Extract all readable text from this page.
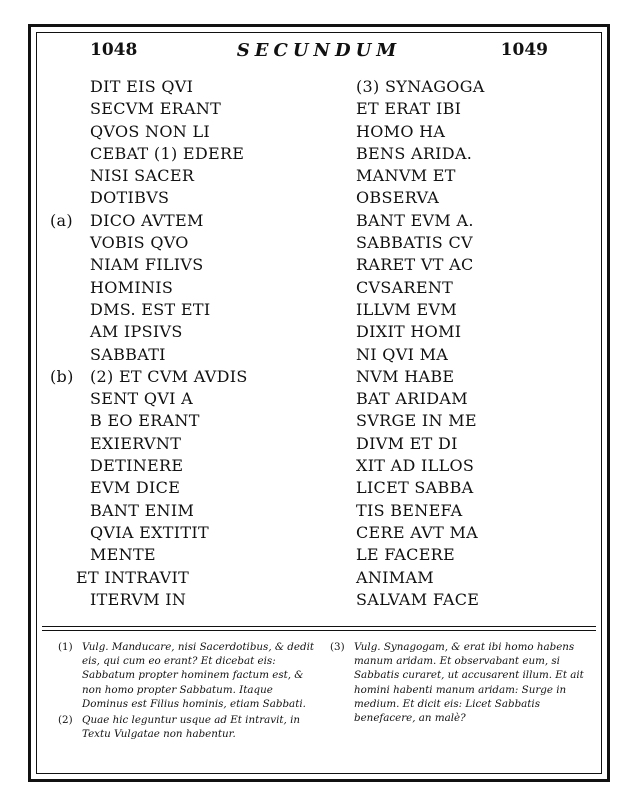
1048	SECUNDUM	1049
DIT EIS QVI
SECVM ERANT
QVOS NON LI
CEBAT (1) EDERE
NISI SACER
DOTIBVS
(a) DICO AVTEM
VOBIS QVO
NIAM FILIVS
HOMINIS
DMS. EST ETI
AM IPSIVS
SABBATI
(b) (2) ET CVM AVDIS
SENT QVI A
B EO ERANT
EXIERVNT
DETINERE
EVM DICE
BANT ENIM
QVIA EXTITIT
MENTE
ET INTRAVIT
ITERVM IN
(3) SYNAGOGA
ET ERAT IBI
HOMO HA
BENS ARIDA.
MANVM ET
OBSERVA
BANT EVM A.
SABBATIS CV
RARET VT AC
CVSARENT
ILLVM EVM
DIXIT HOMI
NI QVI MA
NVM HABE
BAT ARIDAM
SVRGE IN ME
DIVM ET DI
XIT AD ILLOS
LICET SABBA
TIS BENEFA
CERE AVT MA
LE FACERE
ANIMAM
SALVAM FACE
(1) Vulg. Manducare, nisi Sacerdotibus, & dedit eis, qui cum eo erant? Et dicebat eis: Sabbatum propter hominem factum est, & non homo propter Sabbatum. Itaque Dominus est Filius hominis, etiam Sabbati.
(2) Quae hic leguntur usque ad Et intravit, in Textu Vulgatae non habentur.
(3) Vulg. Synagogam, & erat ibi homo habens manum aridam. Et observabant eum, si Sabbatis curaret, ut accusarent illum. Et ait homini habenti manum aridam: Surge in medium. Et dicit eis: Licet Sabbatis benefacere, an malè?
